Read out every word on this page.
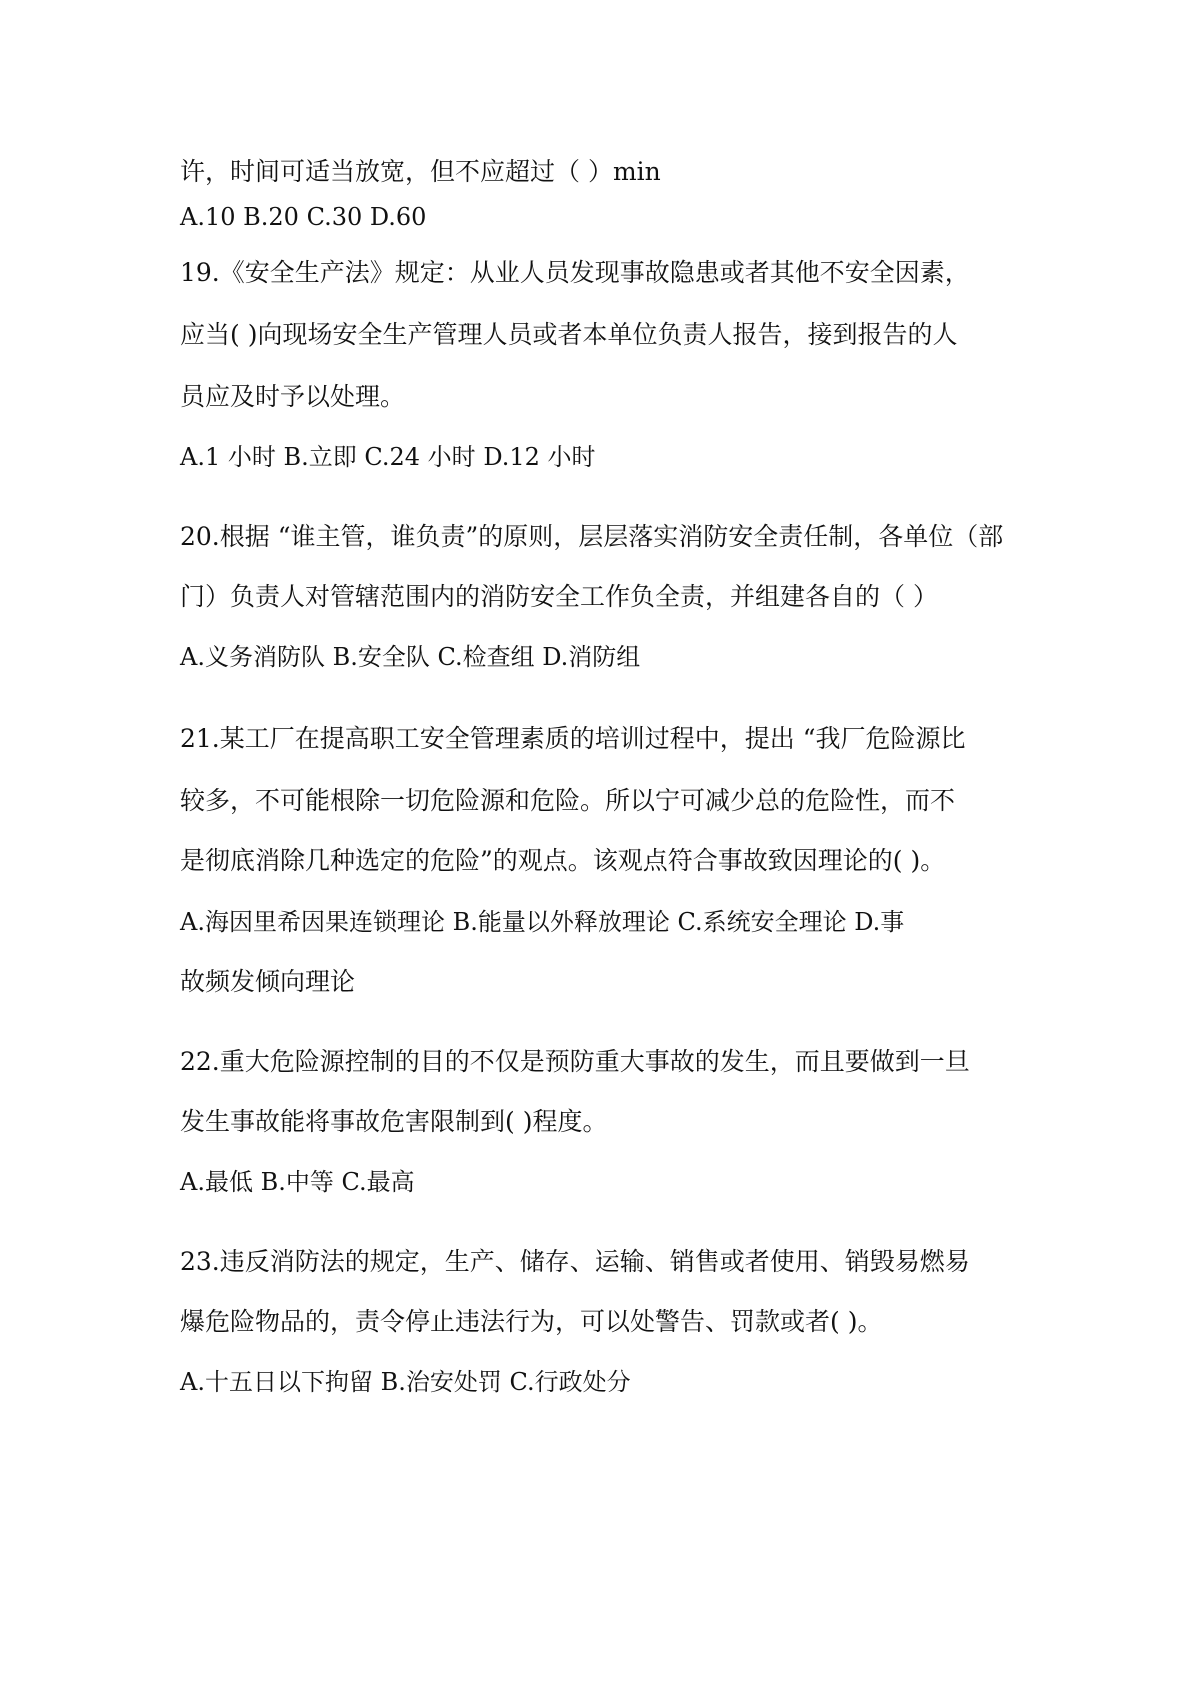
许，时间可适当放宽，但不应超过（ ）min
A.10 B.20 C.30 D.60
19.《安全生产法》规定：从业人员发现事故隐患或者其他不安全因素，
应当( )向现场安全生产管理人员或者本单位负责人报告，接到报告的人
员应及时予以处理。
A.1 小时 B.立即 C.24 小时 D.12 小时
20.根据 “谁主管，谁负责”的原则，层层落实消防安全责任制，各单位（部
门）负责人对管辖范围内的消防安全工作负全责，并组建各自的（ ）
A.义务消防队 B.安全队 C.检查组 D.消防组
21.某工厂在提高职工安全管理素质的培训过程中，提出 “我厂危险源比
较多，不可能根除一切危险源和危险。所以宁可减少总的危险性，而不
是彻底消除几种选定的危险”的观点。该观点符合事故致因理论的( )。
A.海因里希因果连锁理论 B.能量以外释放理论 C.系统安全理论 D.事
故频发倾向理论
22.重大危险源控制的目的不仅是预防重大事故的发生，而且要做到一旦
发生事故能将事故危害限制到( )程度。
A.最低 B.中等 C.最高
23.违反消防法的规定，生产、储存、运输、销售或者使用、销毁易燃易
爆危险物品的，责令停止违法行为，可以处警告、罚款或者( )。
A.十五日以下拘留 B.治安处罚 C.行政处分
